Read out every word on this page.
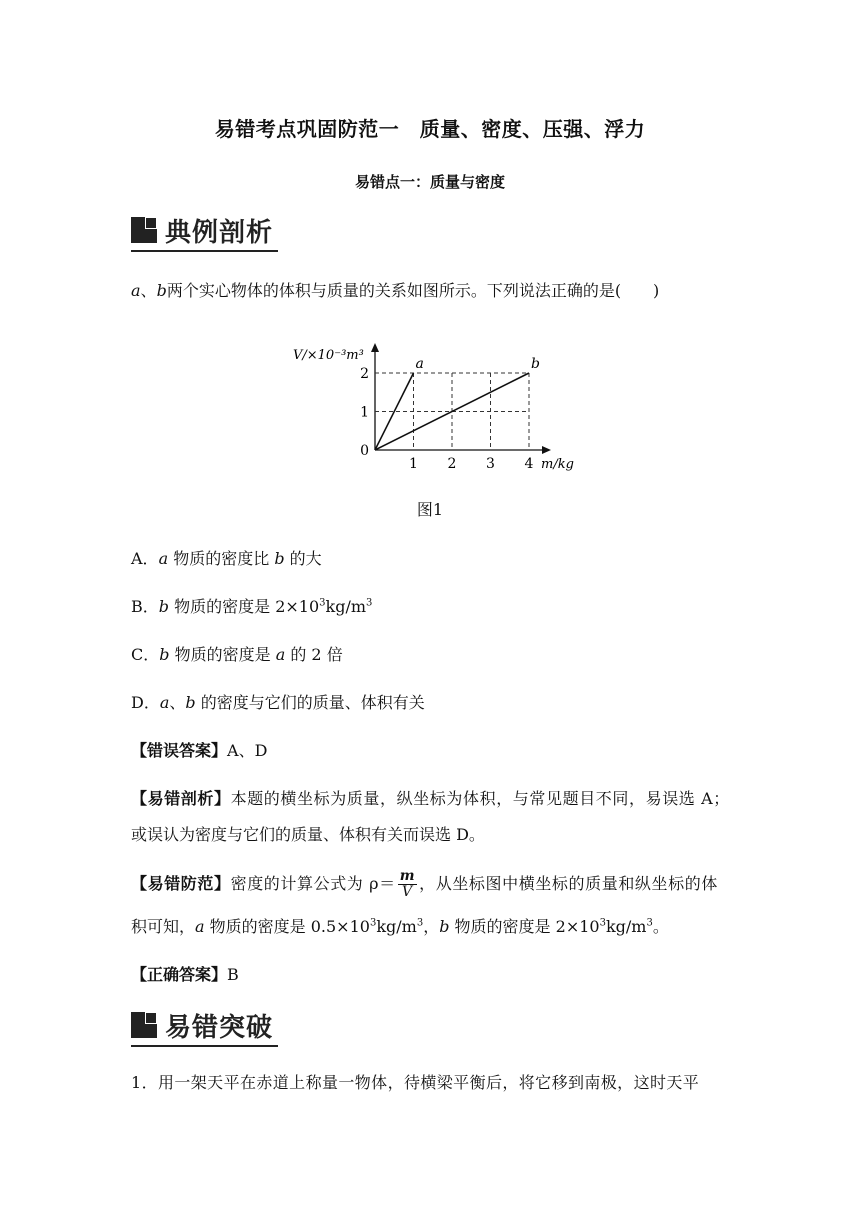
易错考点巩固防范一　质量、密度、压强、浮力
易错点一：质量与密度
典例剖析
a、b两个实心物体的体积与质量的关系如图所示。下列说法正确的是(　　)
1
2
1 2 3 4
0
m/kg
V/×10⁻³m³
a	b
图1
A．a 物质的密度比 b 的大
B．b 物质的密度是 $2\times 10^3kg/m^3$
C．b 物质的密度是 a 的 2 倍
D．a、b 的密度与它们的质量、体积有关
【错误答案】A、D
【易错剖析】本题的横坐标为质量，纵坐标为体积，与常见题目不同，易误选 A；
或误认为密度与它们的质量、体积有关而误选 D。
【易错防范】密度的计算公式为 $\rho= \frac{m}{V}$ ，从坐标图中横坐标的质量和纵坐标的体
积可知，a 物质的密度是 $0.5\times 10^3kg/m^3$，b 物质的密度是 $2\times 10^3kg/m^3$。
【正确答案】B
易错突破
1．用一架天平在赤道上称量一物体，待横梁平衡后，将它移到南极，这时天平
